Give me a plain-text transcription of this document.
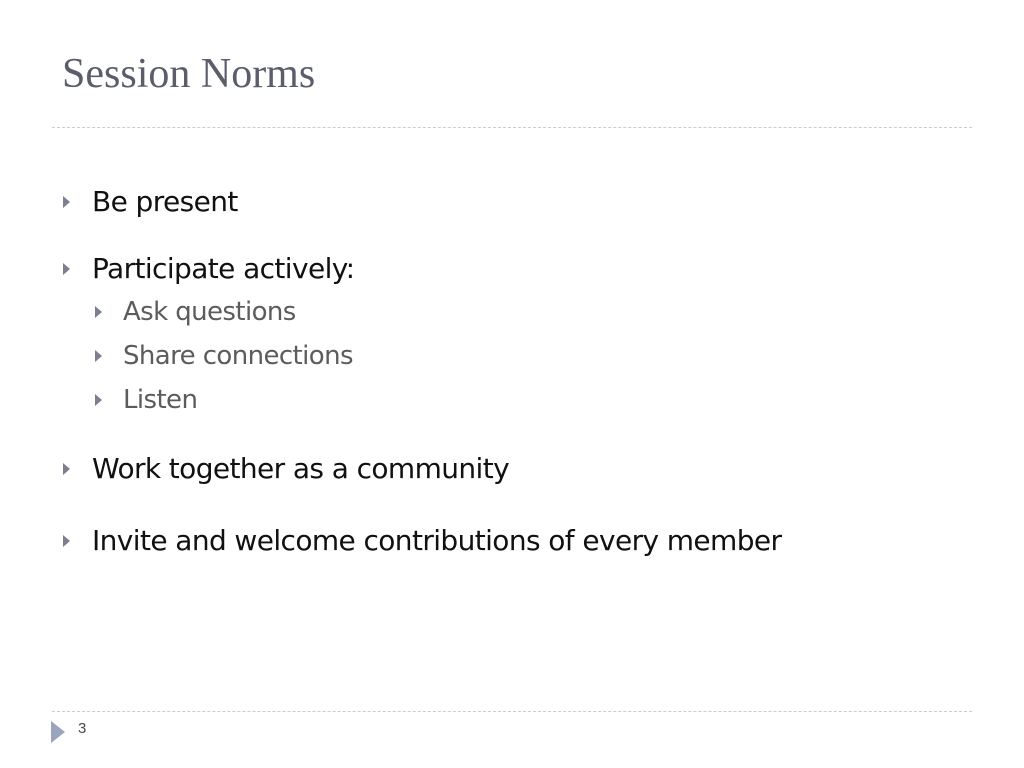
Session Norms
Be present
Participate actively:
Ask questions
Share connections
Listen
Work together as a community
Invite and welcome contributions of every member
3
